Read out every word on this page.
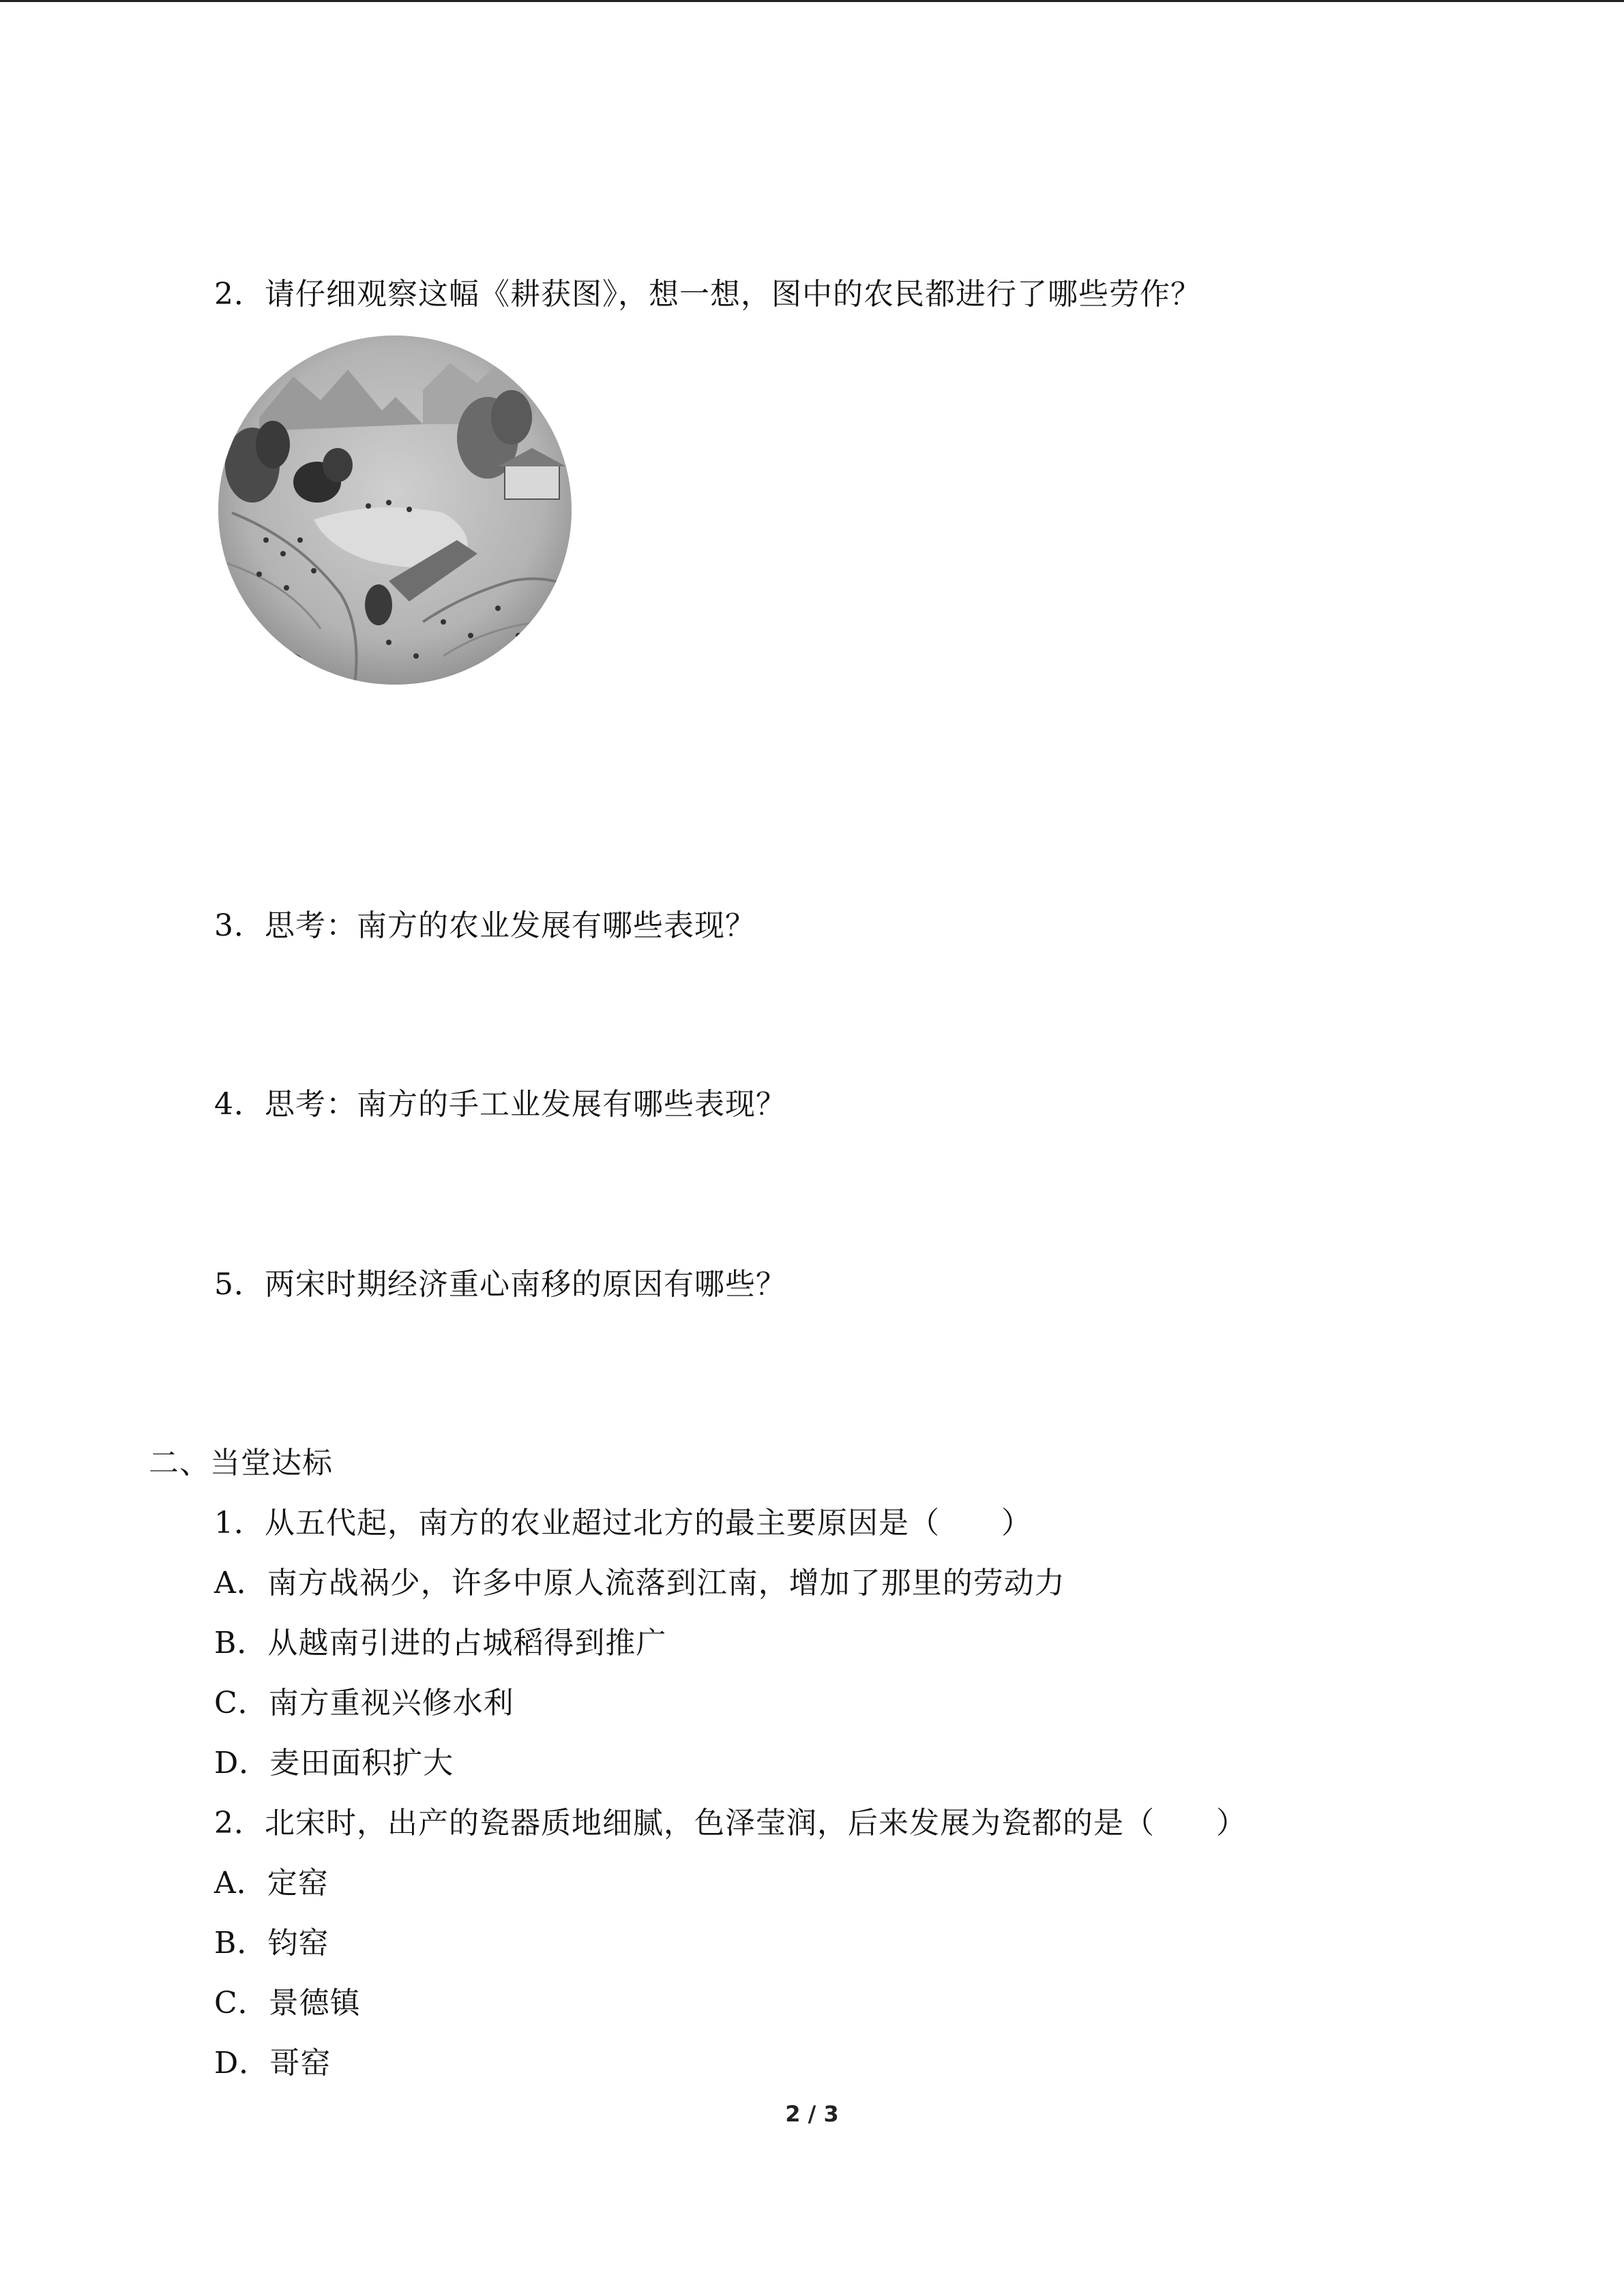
2．请仔细观察这幅《耕获图》，想一想，图中的农民都进行了哪些劳作？
3．思考：南方的农业发展有哪些表现？
4．思考：南方的手工业发展有哪些表现？
5．两宋时期经济重心南移的原因有哪些？
二、当堂达标
1．从五代起，南方的农业超过北方的最主要原因是（　　）
A．南方战祸少，许多中原人流落到江南，增加了那里的劳动力
B．从越南引进的占城稻得到推广
C．南方重视兴修水利
D．麦田面积扩大
2．北宋时，出产的瓷器质地细腻，色泽莹润，后来发展为瓷都的是（　　）
A．定窑
B．钧窑
C．景德镇
D．哥窑
2 / 3
